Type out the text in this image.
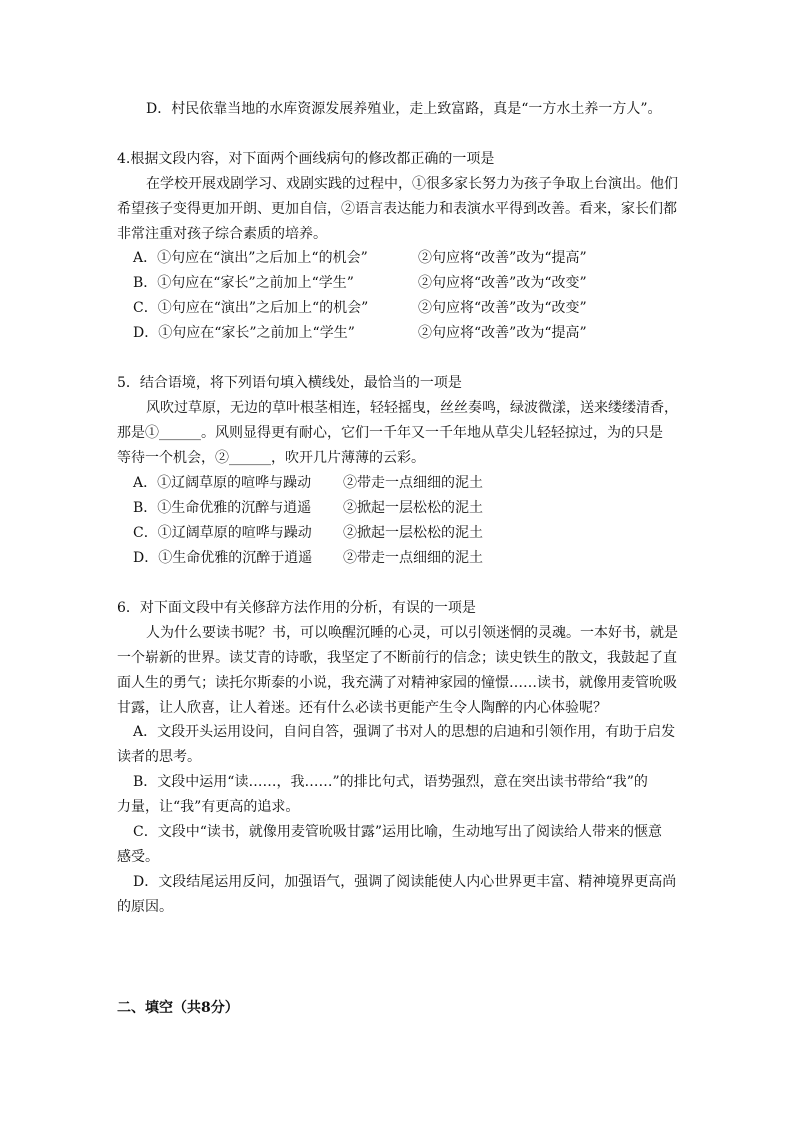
D．村民依靠当地的水库资源发展养殖业，走上致富路，真是“一方水土养一方人”。
4.根据文段内容，对下面两个画线病句的修改都正确的一项是
在学校开展戏剧学习、戏剧实践的过程中，①很多家长努力为孩子争取上台演出。他们
希望孩子变得更加开朗、更加自信，②语言表达能力和表演水平得到改善。看来，家长们都
非常注重对孩子综合素质的培养。
A．①句应在“演出”之后加上“的机会”	②句应将“改善”改为“提高”
B．①句应在“家长”之前加上“学生”	②句应将“改善”改为“改变”
C．①句应在“演出”之后加上“的机会”	②句应将“改善”改为“改变”
D．①句应在“家长”之前加上“学生”	②句应将“改善”改为“提高”
5．结合语境，将下列语句填入横线处，最恰当的一项是
风吹过草原，无边的草叶根茎相连，轻轻摇曳，丝丝奏鸣，绿波微漾，送来缕缕清香，
那是①______。风则显得更有耐心，它们一千年又一千年地从草尖儿轻轻掠过，为的只是
等待一个机会，②______，吹开几片薄薄的云彩。
A．①辽阔草原的喧哗与躁动 ②带走一点细细的泥土
B．①生命优雅的沉醉与逍遥 ②掀起一层松松的泥土
C．①辽阔草原的喧哗与躁动 ②掀起一层松松的泥土
D．①生命优雅的沉醉于逍遥 ②带走一点细细的泥土
6．对下面文段中有关修辞方法作用的分析，有误的一项是
人为什么要读书呢？书，可以唤醒沉睡的心灵，可以引领迷惘的灵魂。一本好书，就是
一个崭新的世界。读艾青的诗歌，我坚定了不断前行的信念；读史铁生的散文，我鼓起了直
面人生的勇气；读托尔斯泰的小说，我充满了对精神家园的憧憬……读书，就像用麦管吮吸
甘露，让人欣喜，让人着迷。还有什么必读书更能产生令人陶醉的内心体验呢？
A．文段开头运用设问，自问自答，强调了书对人的思想的启迪和引领作用，有助于启发
读者的思考。
B．文段中运用“读……，我……”的排比句式，语势强烈，意在突出读书带给“我”的
力量，让“我”有更高的追求。
C．文段中“读书，就像用麦管吮吸甘露”运用比喻，生动地写出了阅读给人带来的惬意
感受。
D．文段结尾运用反问，加强语气，强调了阅读能使人内心世界更丰富、精神境界更高尚
的原因。
二、填空（共8分）
